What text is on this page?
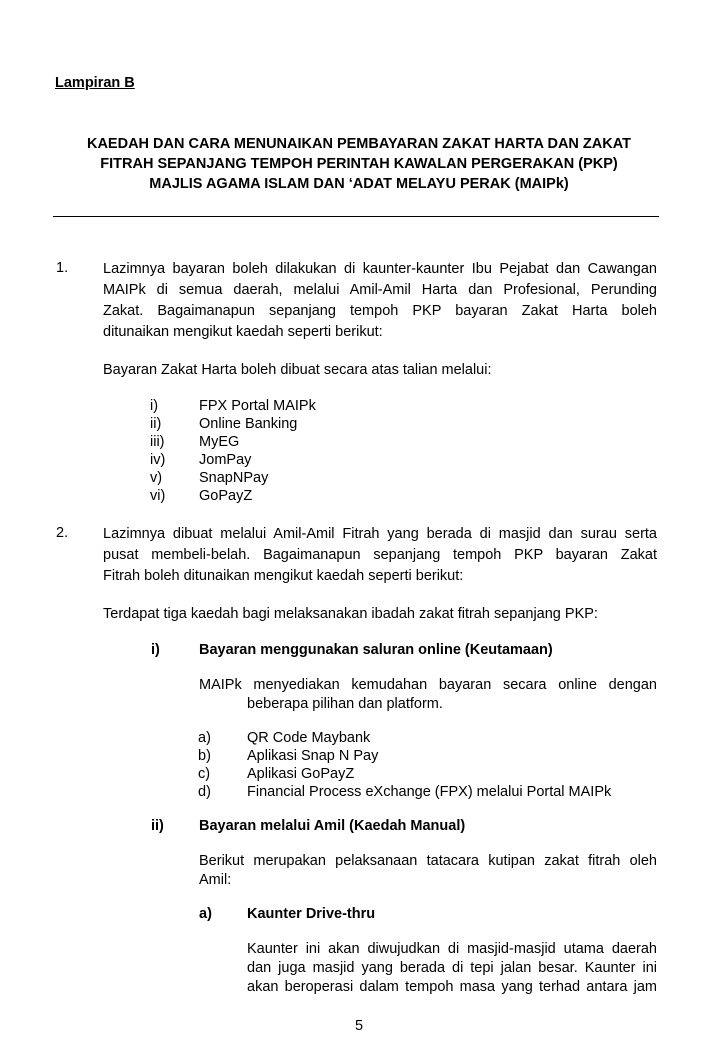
Lampiran B
KAEDAH DAN CARA MENUNAIKAN PEMBAYARAN ZAKAT HARTA DAN ZAKAT
FITRAH SEPANJANG TEMPOH PERINTAH KAWALAN PERGERAKAN (PKP)
MAJLIS AGAMA ISLAM DAN ‘ADAT MELAYU PERAK (MAIPk)
1. Lazimnya bayaran boleh dilakukan di kaunter-kaunter Ibu Pejabat dan Cawangan

MAIPk di semua daerah, melalui Amil-Amil Harta dan Profesional, Perunding

Zakat. Bagaimanapun sepanjang tempoh PKP bayaran Zakat Harta boleh

ditunaikan mengikut kaedah seperti berikut:

Bayaran Zakat Harta boleh dibuat secara atas talian melalui:
i)	FPX Portal MAIPk
ii)	Online Banking
iii) MyEG
iv) JomPay
v)	SnapNPay
vi) GoPayZ
2. Lazimnya dibuat melalui Amil-Amil Fitrah yang berada di masjid dan surau serta

pusat membeli-belah. Bagaimanapun sepanjang tempoh PKP bayaran Zakat

Fitrah boleh ditunaikan mengikut kaedah seperti berikut:

Terdapat tiga kaedah bagi melaksanakan ibadah zakat fitrah sepanjang PKP:
i)	Bayaran menggunakan saluran online (Keutamaan)
MAIPk menyediakan kemudahan bayaran secara online dengan
beberapa pilihan dan platform.
a) QR Code Maybank
b) Aplikasi Snap N Pay
c)	Aplikasi GoPayZ
d) Financial Process eXchange (FPX) melalui Portal MAIPk
ii) Bayaran melalui Amil (Kaedah Manual)
Berikut merupakan pelaksanaan tatacara kutipan zakat fitrah oleh
Amil:
a) Kaunter Drive-thru
Kaunter ini akan diwujudkan di masjid-masjid utama daerah
dan juga masjid yang berada di tepi jalan besar. Kaunter ini
akan beroperasi dalam tempoh masa yang terhad antara jam
5
